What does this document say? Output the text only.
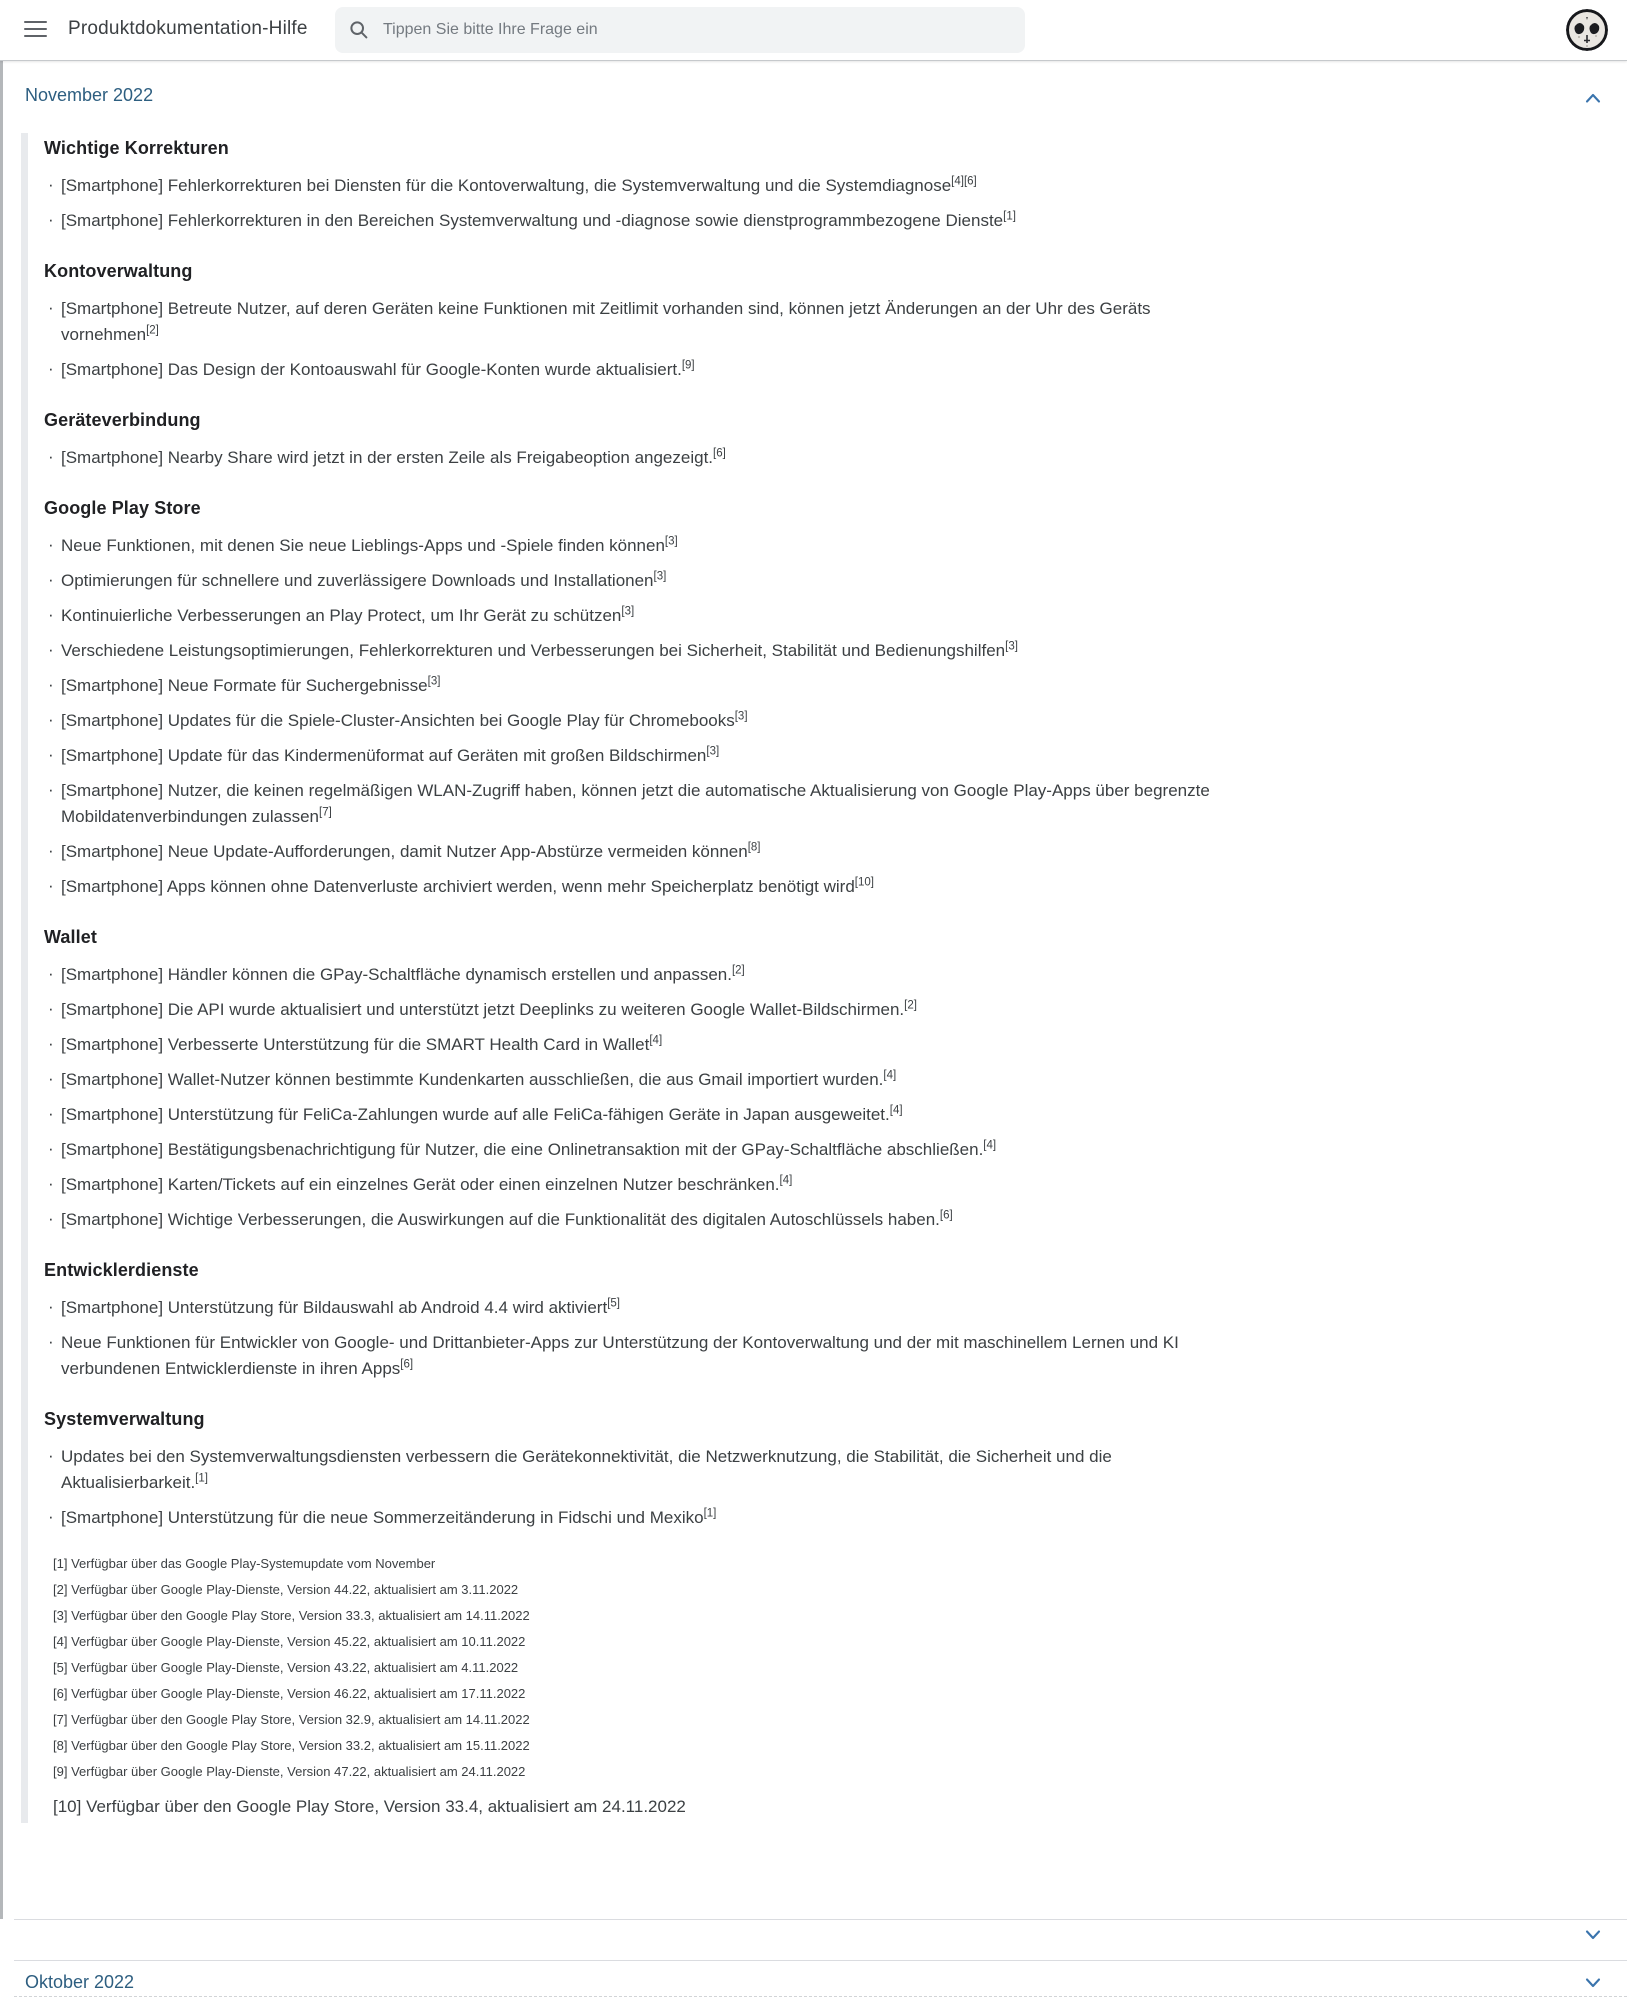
Produktdokumentation-Hilfe
Tippen Sie bitte Ihre Frage ein
November 2022
Wichtige Korrekturen
· [Smartphone] Fehlerkorrekturen bei Diensten für die Kontoverwaltung, die Systemverwaltung und die Systemdiagnose[4][6]
· [Smartphone] Fehlerkorrekturen in den Bereichen Systemverwaltung und -diagnose sowie dienstprogrammbezogene Dienste[1]
Kontoverwaltung
· [Smartphone] Betreute Nutzer, auf deren Geräten keine Funktionen mit Zeitlimit vorhanden sind, können jetzt Änderungen an der Uhr des Geräts vornehmen[2]
· [Smartphone] Das Design der Kontoauswahl für Google-Konten wurde aktualisiert.[9]
Geräteverbindung
· [Smartphone] Nearby Share wird jetzt in der ersten Zeile als Freigabeoption angezeigt.[6]
Google Play Store
· Neue Funktionen, mit denen Sie neue Lieblings-Apps und -Spiele finden können[3]
· Optimierungen für schnellere und zuverlässigere Downloads und Installationen[3]
· Kontinuierliche Verbesserungen an Play Protect, um Ihr Gerät zu schützen[3]
· Verschiedene Leistungsoptimierungen, Fehlerkorrekturen und Verbesserungen bei Sicherheit, Stabilität und Bedienungshilfen[3]
· [Smartphone] Neue Formate für Suchergebnisse[3]
· [Smartphone] Updates für die Spiele-Cluster-Ansichten bei Google Play für Chromebooks[3]
· [Smartphone] Update für das Kindermenüformat auf Geräten mit großen Bildschirmen[3]
· [Smartphone] Nutzer, die keinen regelmäßigen WLAN-Zugriff haben, können jetzt die automatische Aktualisierung von Google Play-Apps über begrenzte Mobildatenverbindungen zulassen[7]
· [Smartphone] Neue Update-Aufforderungen, damit Nutzer App-Abstürze vermeiden können[8]
· [Smartphone] Apps können ohne Datenverluste archiviert werden, wenn mehr Speicherplatz benötigt wird[10]
Wallet
· [Smartphone] Händler können die GPay-Schaltfläche dynamisch erstellen und anpassen.[2]
· [Smartphone] Die API wurde aktualisiert und unterstützt jetzt Deeplinks zu weiteren Google Wallet-Bildschirmen.[2]
· [Smartphone] Verbesserte Unterstützung für die SMART Health Card in Wallet[4]
· [Smartphone] Wallet-Nutzer können bestimmte Kundenkarten ausschließen, die aus Gmail importiert wurden.[4]
· [Smartphone] Unterstützung für FeliCa-Zahlungen wurde auf alle FeliCa-fähigen Geräte in Japan ausgeweitet.[4]
· [Smartphone] Bestätigungsbenachrichtigung für Nutzer, die eine Onlinetransaktion mit der GPay-Schaltfläche abschließen.[4]
· [Smartphone] Karten/Tickets auf ein einzelnes Gerät oder einen einzelnen Nutzer beschränken.[4]
· [Smartphone] Wichtige Verbesserungen, die Auswirkungen auf die Funktionalität des digitalen Autoschlüssels haben.[6]
Entwicklerdienste
· [Smartphone] Unterstützung für Bildauswahl ab Android 4.4 wird aktiviert[5]
· Neue Funktionen für Entwickler von Google- und Drittanbieter-Apps zur Unterstützung der Kontoverwaltung und der mit maschinellem Lernen und KI verbundenen Entwicklerdienste in ihren Apps[6]
Systemverwaltung
· Updates bei den Systemverwaltungsdiensten verbessern die Gerätekonnektivität, die Netzwerknutzung, die Stabilität, die Sicherheit und die Aktualisierbarkeit.[1]
· [Smartphone] Unterstützung für die neue Sommerzeitänderung in Fidschi und Mexiko[1]

[1] Verfügbar über das Google Play-Systemupdate vom November

[2] Verfügbar über Google Play-Dienste, Version 44.22, aktualisiert am 3.11.2022

[3] Verfügbar über den Google Play Store, Version 33.3, aktualisiert am 14.11.2022

[4] Verfügbar über Google Play-Dienste, Version 45.22, aktualisiert am 10.11.2022

[5] Verfügbar über Google Play-Dienste, Version 43.22, aktualisiert am 4.11.2022

[6] Verfügbar über Google Play-Dienste, Version 46.22, aktualisiert am 17.11.2022

[7] Verfügbar über den Google Play Store, Version 32.9, aktualisiert am 14.11.2022

[8] Verfügbar über den Google Play Store, Version 33.2, aktualisiert am 15.11.2022

[9] Verfügbar über Google Play-Dienste, Version 47.22, aktualisiert am 24.11.2022

[10] Verfügbar über den Google Play Store, Version 33.4, aktualisiert am 24.11.2022

Oktober 2022
